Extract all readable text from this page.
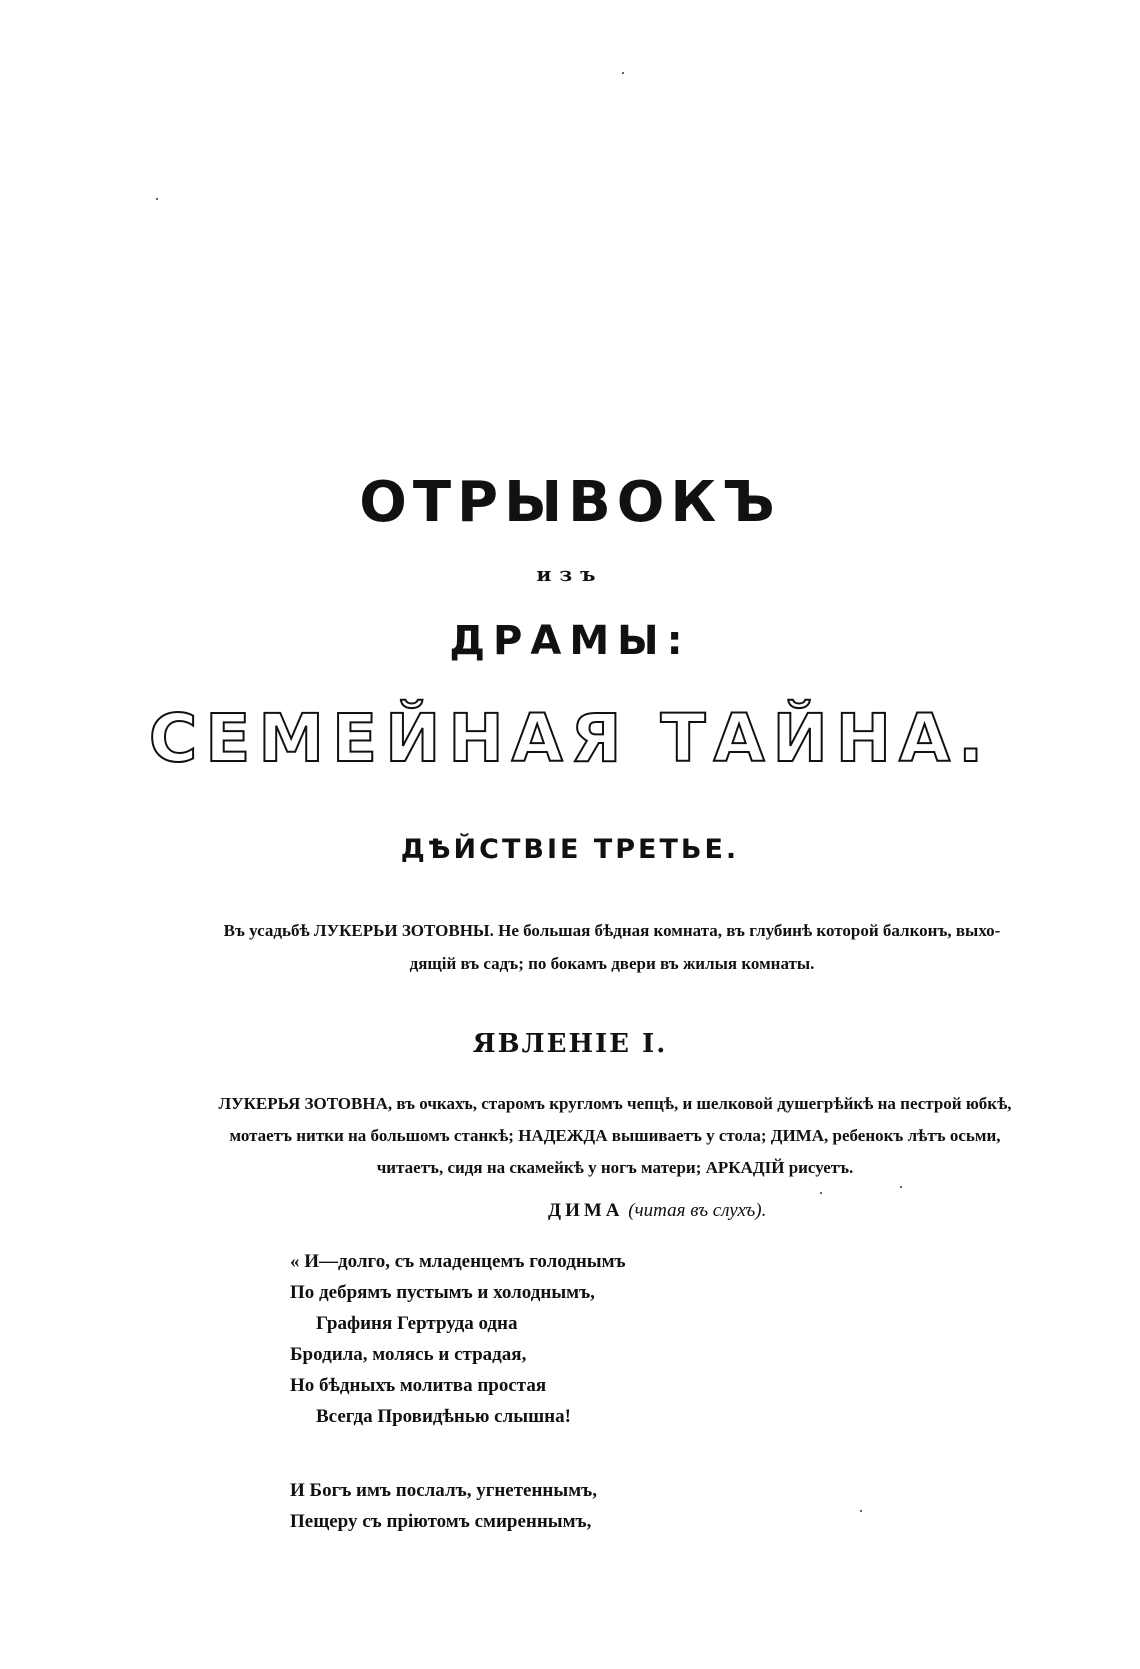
ОТРЫВОКЪ
изъ
ДРАМЫ:
СЕМЕЙНАЯ ТАЙНА.
ДѢЙСТВІЕ ТРЕТЬЕ.
Въ усадьбѣ ЛУКЕРЬИ ЗОТОВНЫ. Не большая бѣдная комната, въ глубинѣ которой балконъ, выхо-
дящій въ садъ; по бокамъ двери въ жилыя комнаты.
ЯВЛЕНІЕ I.
ЛУКЕРЬЯ ЗОТОВНА, въ очкахъ, старомъ кругломъ чепцѣ, и шелковой душегрѣйкѣ на пестрой юбкѣ,
мотаетъ нитки на большомъ станкѣ; НАДЕЖДА вышиваетъ у стола; ДИМА, ребенокъ лѣтъ осьми,
читаетъ, сидя на скамейкѣ у ногъ матери; АРКАДІЙ рисуетъ.
ДИМА (читая въ слухъ).
« И—долго, съ младенцемъ голоднымъ
По дебрямъ пустымъ и холоднымъ,
Графиня Гертруда одна
Бродила, молясь и страдая,
Но бѣдныхъ молитва простая
Всегда Провидѣнью слышна!
И Богъ имъ послалъ, угнетеннымъ,
Пещеру съ пріютомъ смиреннымъ,
